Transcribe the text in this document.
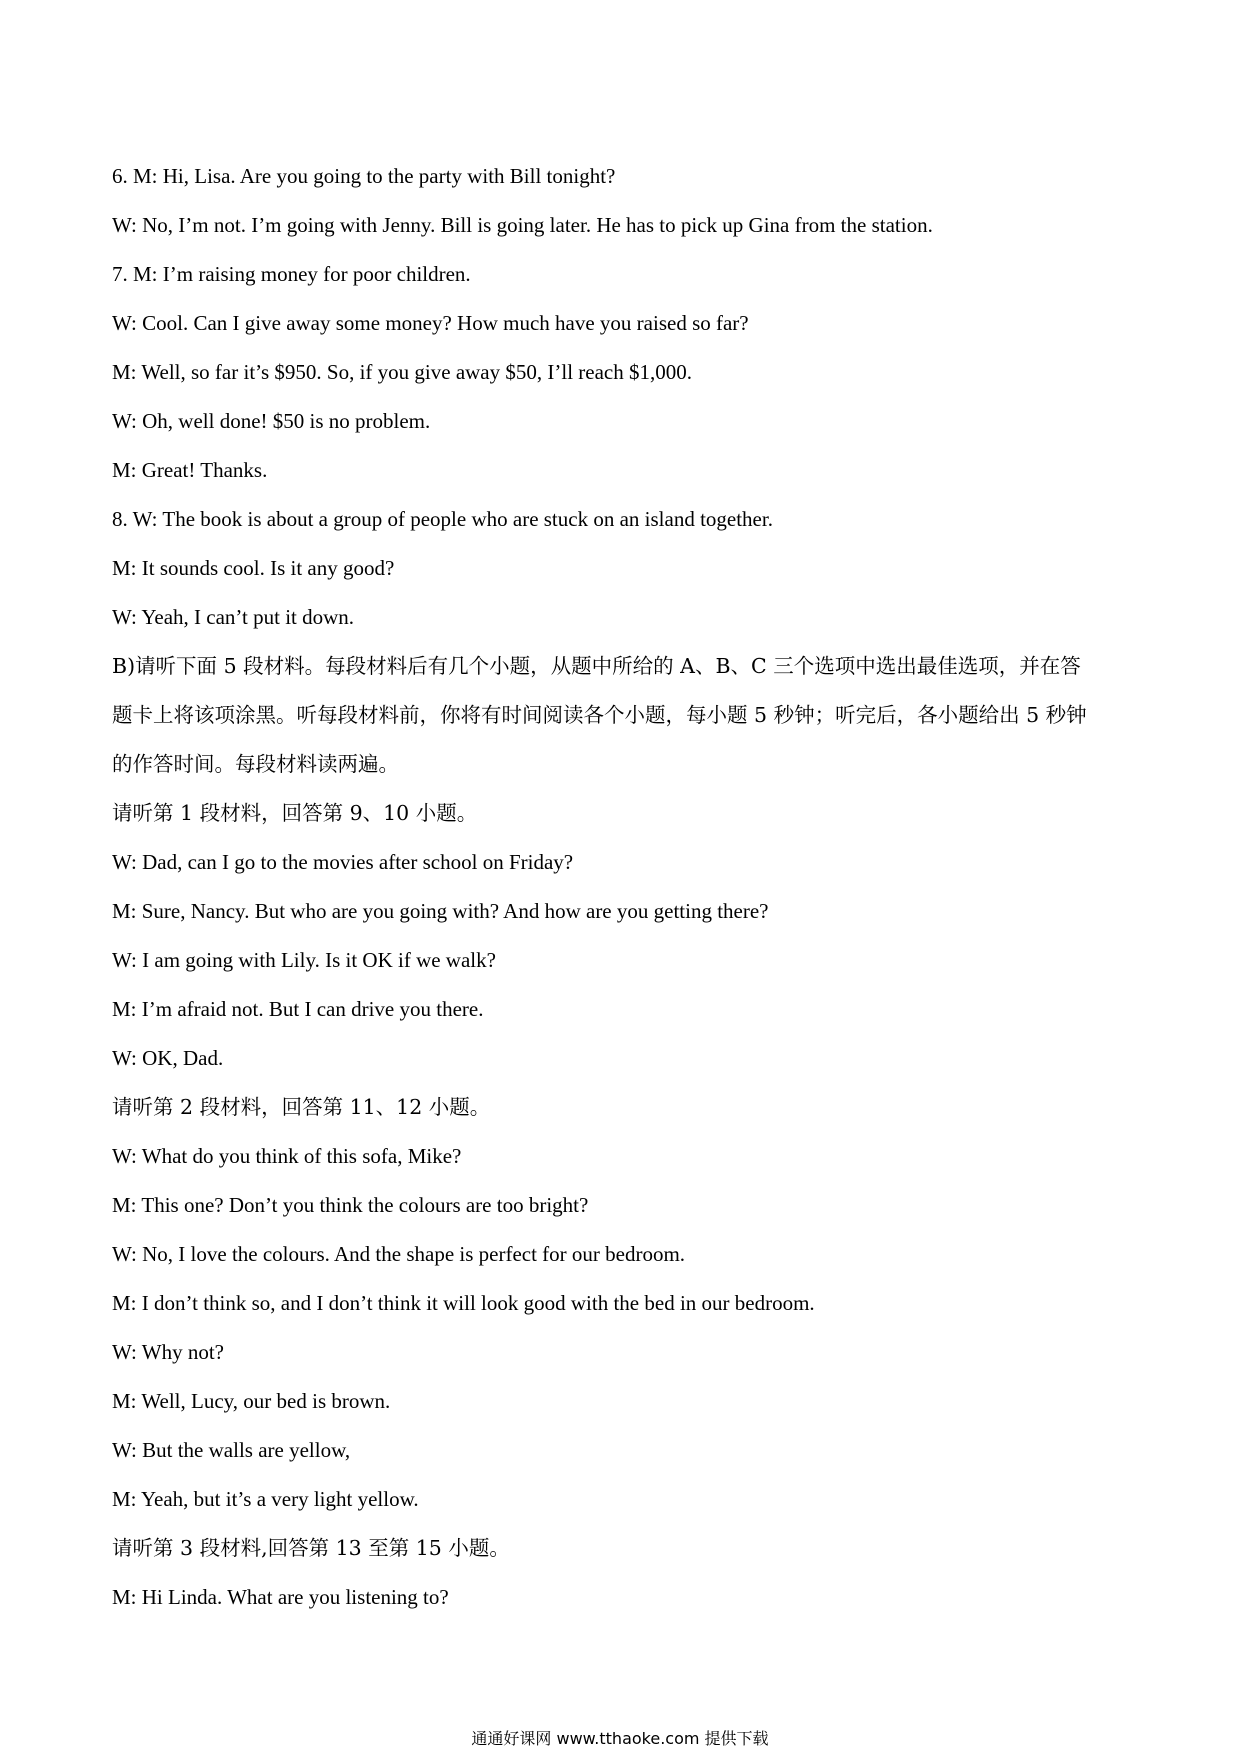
6. M: Hi, Lisa. Are you going to the party with Bill tonight?
W: No, I’m not. I’m going with Jenny. Bill is going later. He has to pick up Gina from the station.
7. M: I’m raising money for poor children.
W: Cool. Can I give away some money? How much have you raised so far?
M: Well, so far it’s $950. So, if you give away $50, I’ll reach $1,000.
W: Oh, well done! $50 is no problem.
M: Great! Thanks.
8. W: The book is about a group of people who are stuck on an island together.
M: It sounds cool. Is it any good?
W: Yeah, I can’t put it down.
B)请听下面 5 段材料。每段材料后有几个小题，从题中所给的 A、B、C 三个选项中选出最佳选项，并在答
题卡上将该项涂黑。听每段材料前，你将有时间阅读各个小题，每小题 5 秒钟；听完后，各小题给出 5 秒钟
的作答时间。每段材料读两遍。
请听第 1 段材料，回答第 9、10 小题。
W: Dad, can I go to the movies after school on Friday?
M: Sure, Nancy. But who are you going with? And how are you getting there?
W: I am going with Lily. Is it OK if we walk?
M: I’m afraid not. But I can drive you there.
W: OK, Dad.
请听第 2 段材料，回答第 11、12 小题。
W: What do you think of this sofa, Mike?
M: This one? Don’t you think the colours are too bright?
W: No, I love the colours. And the shape is perfect for our bedroom.
M: I don’t think so, and I don’t think it will look good with the bed in our bedroom.
W: Why not?
M: Well, Lucy, our bed is brown.
W: But the walls are yellow,
M: Yeah, but it’s a very light yellow.
请听第 3 段材料,回答第 13 至第 15 小题。
M: Hi Linda. What are you listening to?
通通好课网 www.tthaoke.com 提供下载
